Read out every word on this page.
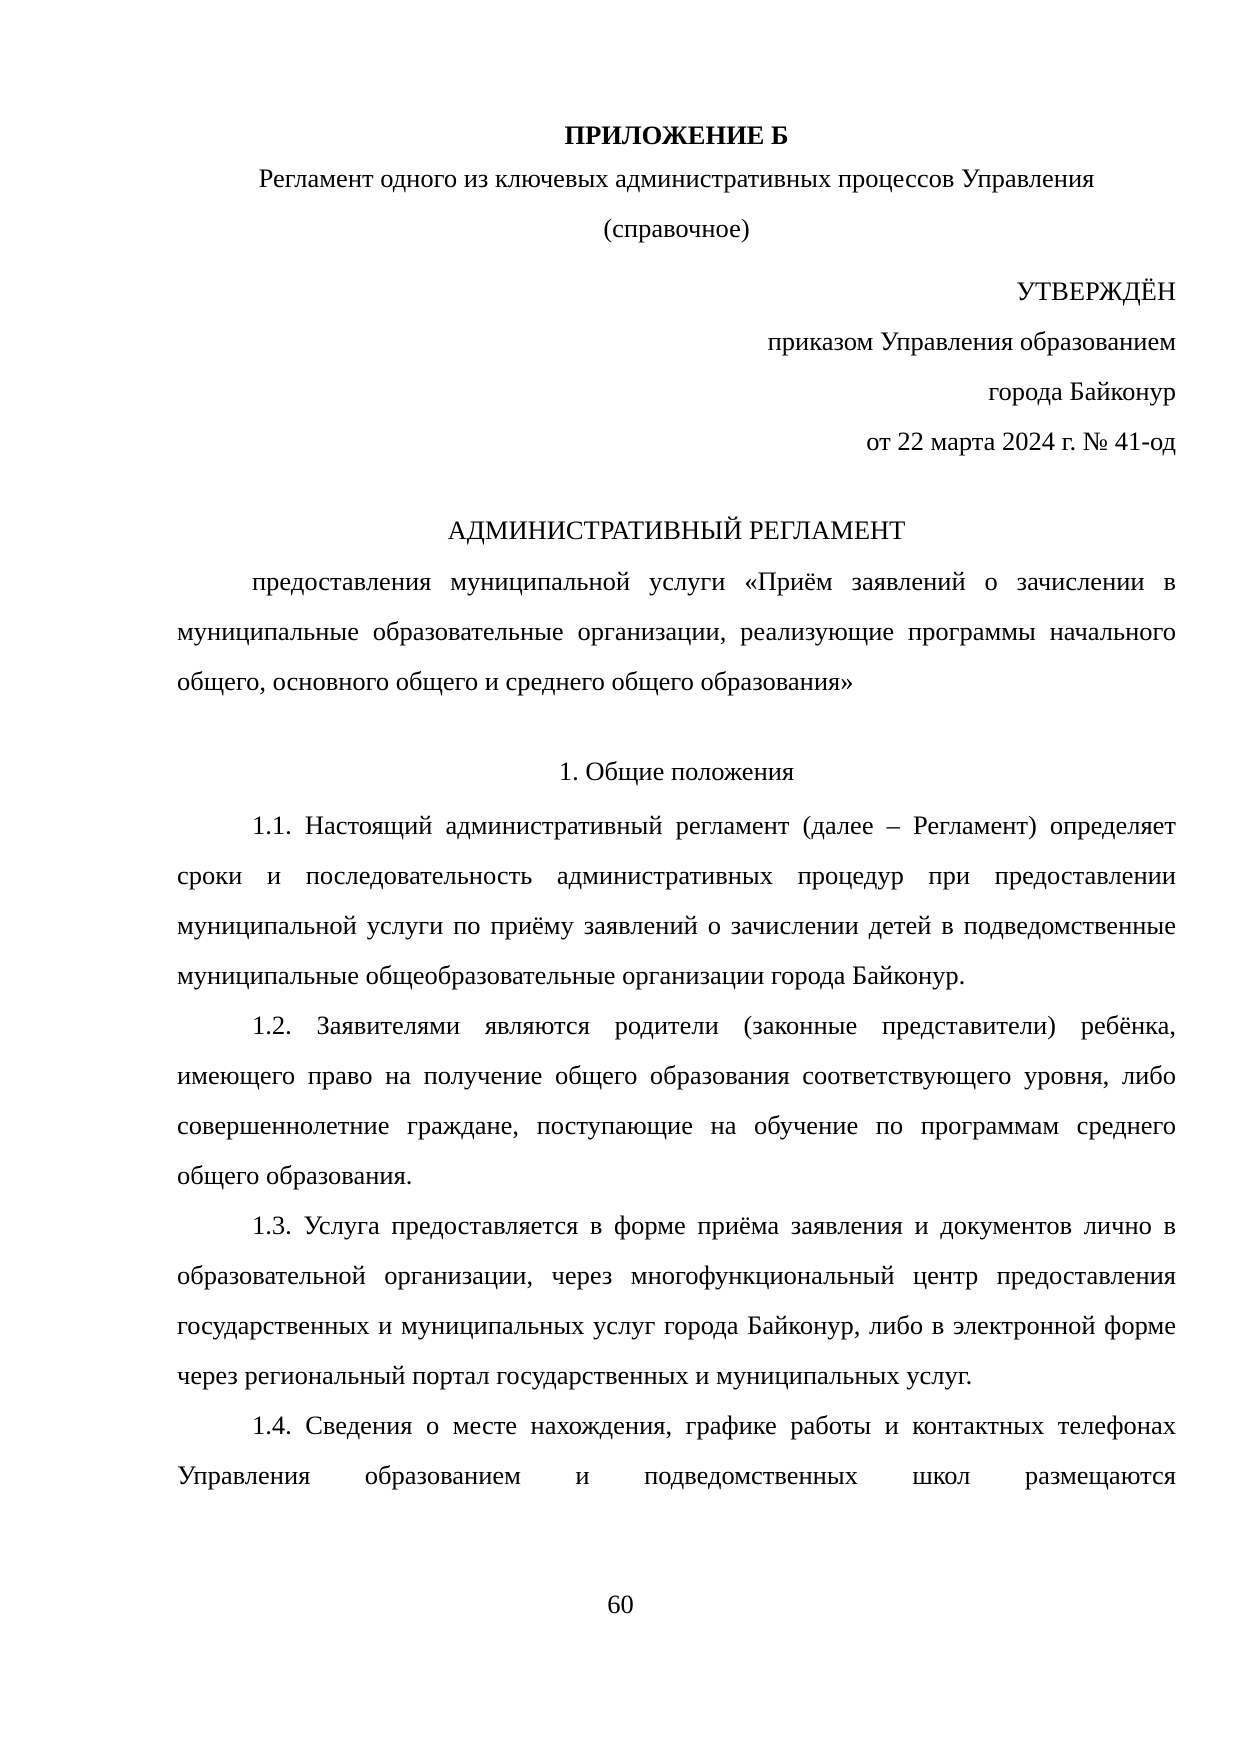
ПРИЛОЖЕНИЕ Б
Регламент одного из ключевых административных процессов Управления
(справочное)
УТВЕРЖДЁН
приказом Управления образованием
города Байконур
от 22 марта 2024 г. № 41-од
АДМИНИСТРАТИВНЫЙ РЕГЛАМЕНТ

предоставления муниципальной услуги «Приём заявлений о зачислении в муниципальные образовательные организации, реализующие программы начального общего, основного общего и среднего общего образования»

1. Общие положения

1.1. Настоящий административный регламент (далее – Регламент) определяет сроки и последовательность административных процедур при предоставлении муниципальной услуги по приёму заявлений о зачислении детей в подведомственные муниципальные общеобразовательные организации города Байконур.

1.2. Заявителями являются родители (законные представители) ребёнка, имеющего право на получение общего образования соответствующего уровня, либо совершеннолетние граждане, поступающие на обучение по программам среднего общего образования.

1.3. Услуга предоставляется в форме приёма заявления и документов лично в образовательной организации, через многофункциональный центр предоставления государственных и муниципальных услуг города Байконур, либо в электронной форме через региональный портал государственных и муниципальных услуг.

1.4. Сведения о месте нахождения, графике работы и контактных телефонах Управления образованием и подведомственных школ размещаются

60
